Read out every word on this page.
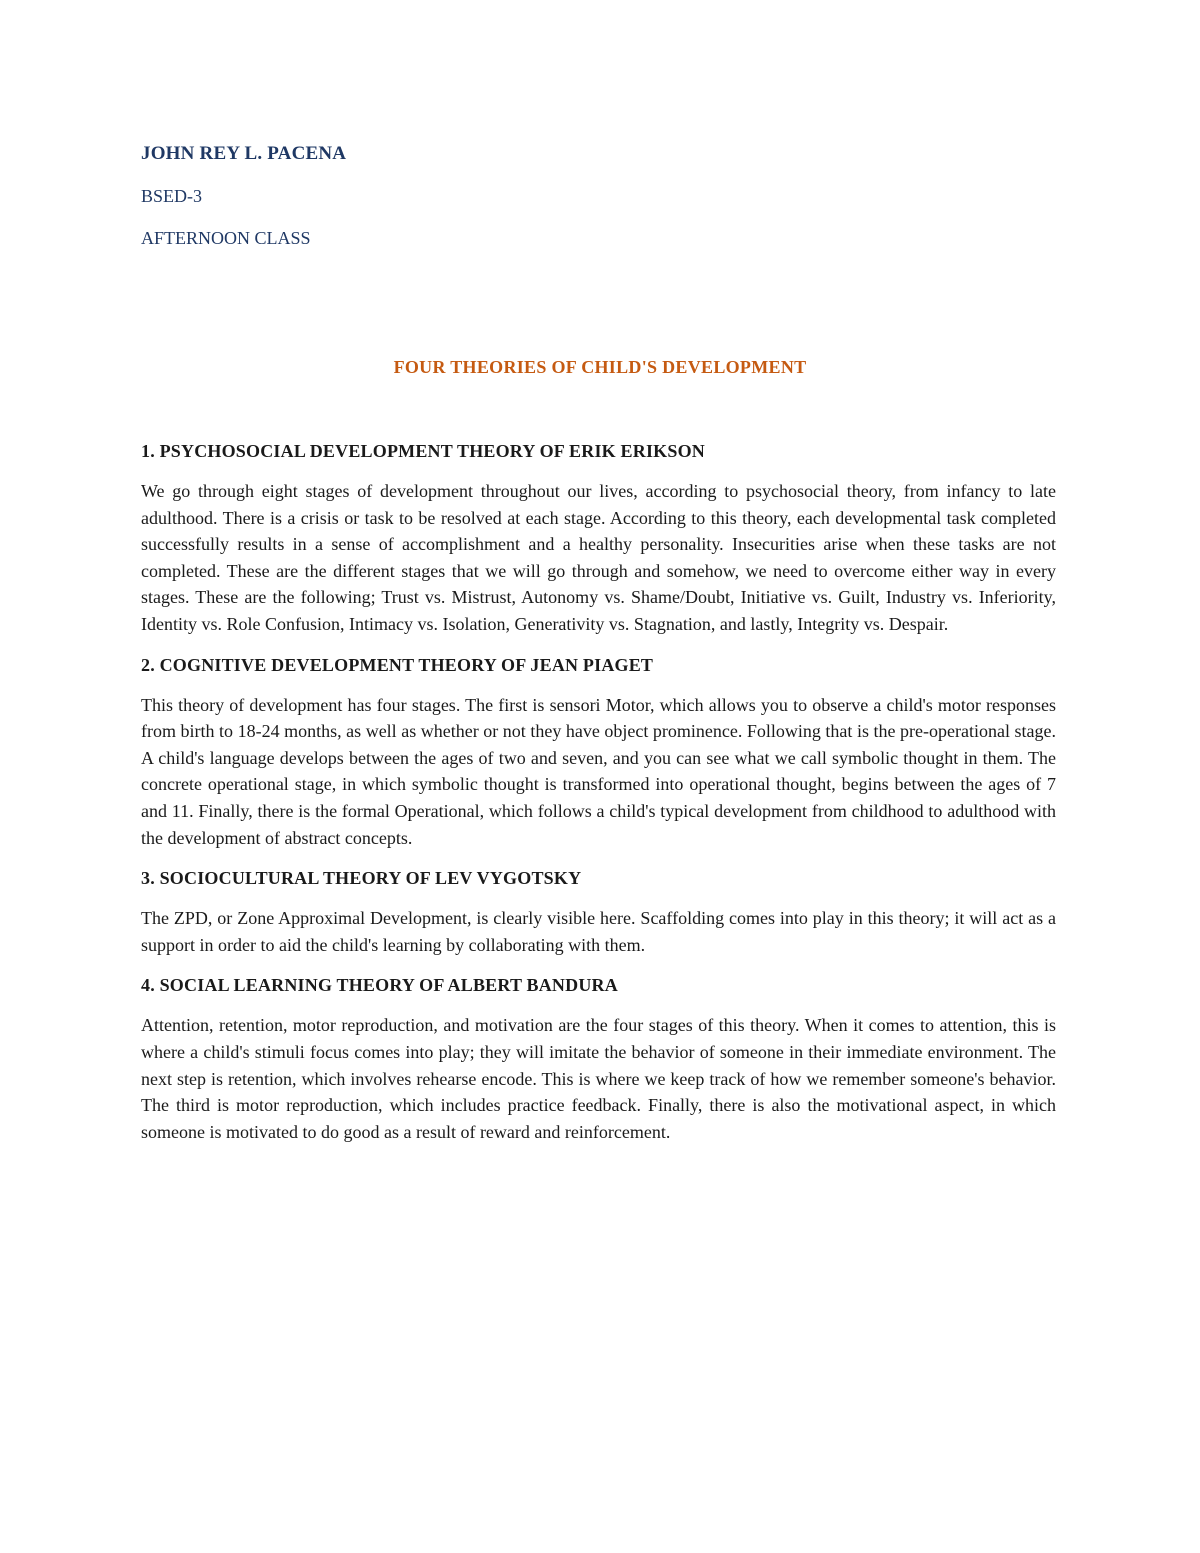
JOHN REY L. PACENA

BSED-3

AFTERNOON CLASS

FOUR THEORIES OF CHILD'S DEVELOPMENT
1. PSYCHOSOCIAL DEVELOPMENT THEORY OF ERIK ERIKSON

We go through eight stages of development throughout our lives, according to psychosocial theory, from infancy to late adulthood. There is a crisis or task to be resolved at each stage. According to this theory, each developmental task completed successfully results in a sense of accomplishment and a healthy personality. Insecurities arise when these tasks are not completed. These are the different stages that we will go through and somehow, we need to overcome either way in every stages. These are the following; Trust vs. Mistrust, Autonomy vs. Shame/Doubt, Initiative vs. Guilt, Industry vs. Inferiority, Identity vs. Role Confusion, Intimacy vs. Isolation, Generativity vs. Stagnation, and lastly, Integrity vs. Despair.

2. COGNITIVE DEVELOPMENT THEORY OF JEAN PIAGET

This theory of development has four stages. The first is sensori Motor, which allows you to observe a child's motor responses from birth to 18-24 months, as well as whether or not they have object prominence. Following that is the pre-operational stage. A child's language develops between the ages of two and seven, and you can see what we call symbolic thought in them. The concrete operational stage, in which symbolic thought is transformed into operational thought, begins between the ages of 7 and 11. Finally, there is the formal Operational, which follows a child's typical development from childhood to adulthood with the development of abstract concepts.

3. SOCIOCULTURAL THEORY OF LEV VYGOTSKY

The ZPD, or Zone Approximal Development, is clearly visible here. Scaffolding comes into play in this theory; it will act as a support in order to aid the child's learning by collaborating with them.

4. SOCIAL LEARNING THEORY OF ALBERT BANDURA

Attention, retention, motor reproduction, and motivation are the four stages of this theory. When it comes to attention, this is where a child's stimuli focus comes into play; they will imitate the behavior of someone in their immediate environment. The next step is retention, which involves rehearse encode. This is where we keep track of how we remember someone's behavior. The third is motor reproduction, which includes practice feedback. Finally, there is also the motivational aspect, in which someone is motivated to do good as a result of reward and reinforcement.
